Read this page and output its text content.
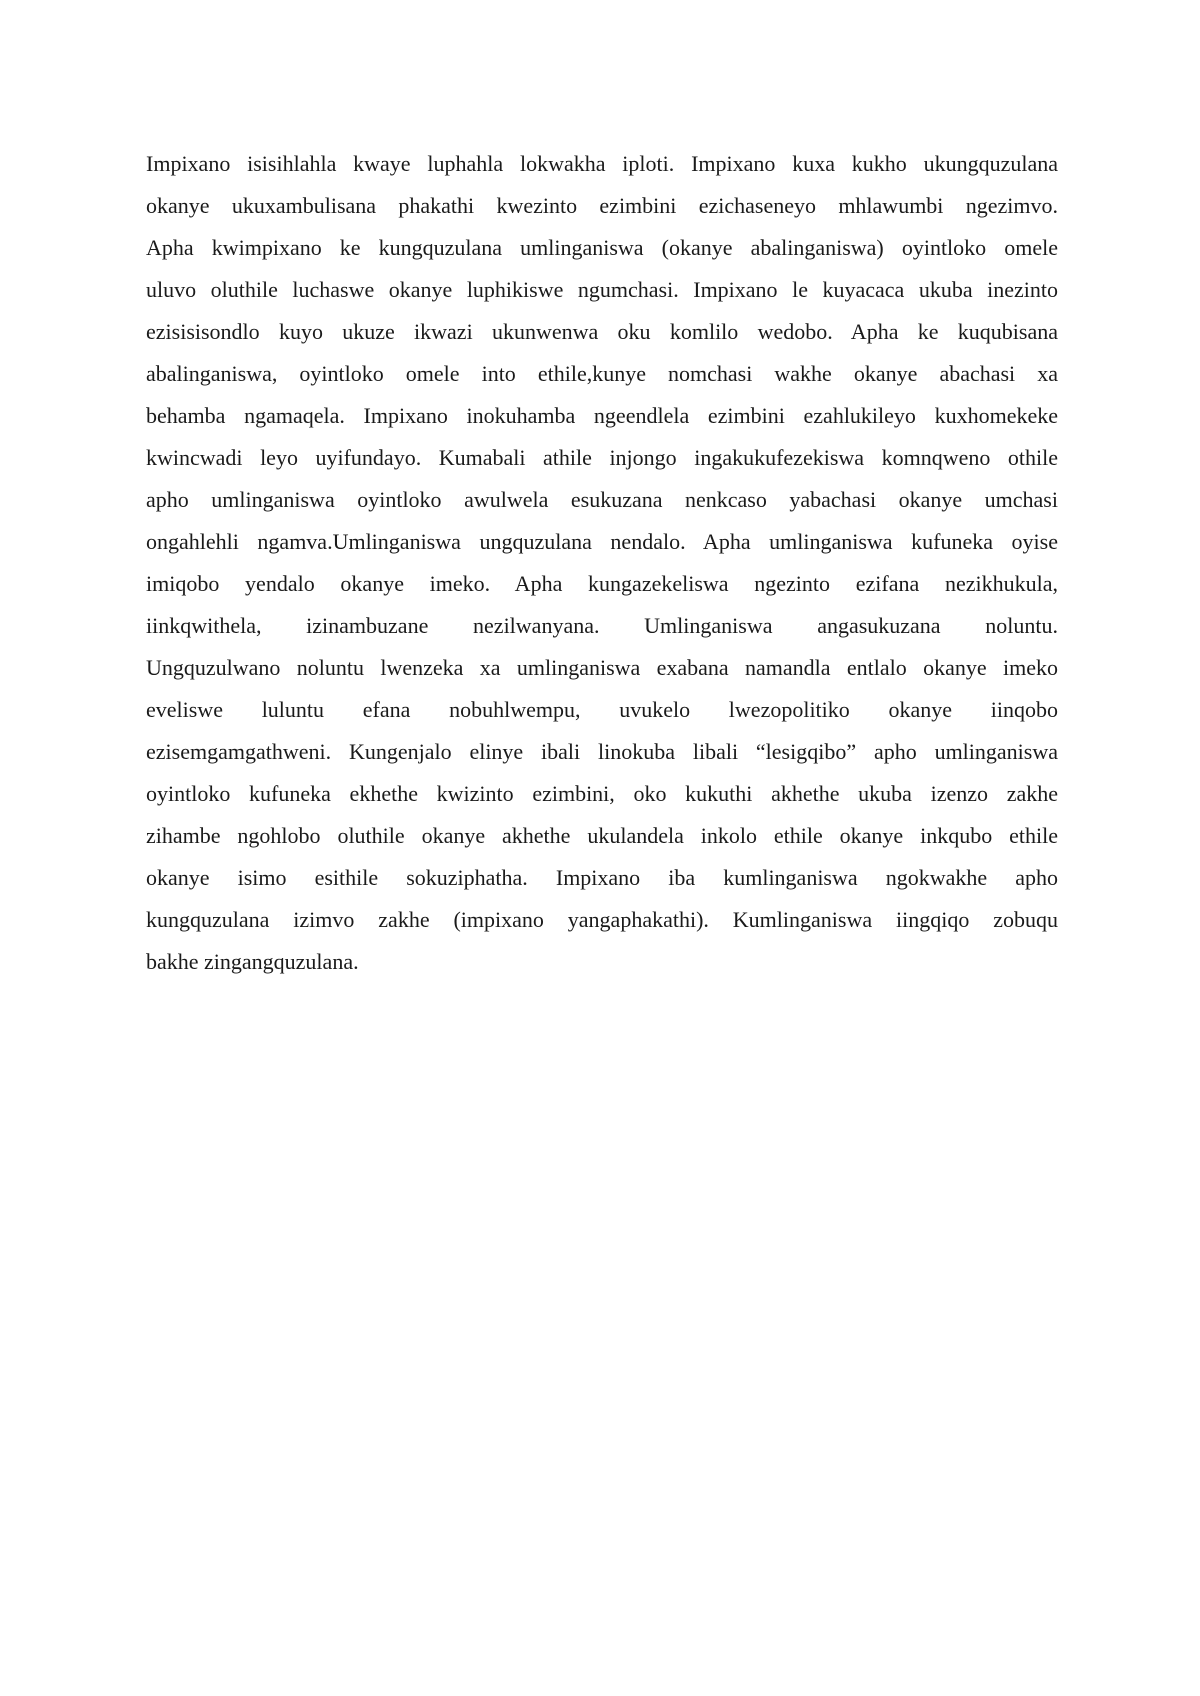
Impixano isisihlahla kwaye luphahla lokwakha iploti. Impixano kuxa kukho ukungquzulana
okanye ukuxambulisana phakathi kwezinto ezimbini ezichaseneyo mhlawumbi ngezimvo.
Apha kwimpixano ke kungquzulana umlinganiswa (okanye abalinganiswa) oyintloko omele
uluvo oluthile luchaswe okanye luphikiswe ngumchasi. Impixano le kuyacaca ukuba inezinto
ezisisisondlo kuyo ukuze ikwazi ukunwenwa oku komlilo wedobo. Apha ke kuqubisana
abalinganiswa, oyintloko omele into ethile,kunye nomchasi wakhe okanye abachasi xa
behamba ngamaqela. Impixano inokuhamba ngeendlela ezimbini ezahlukileyo kuxhomekeke
kwincwadi leyo uyifundayo. Kumabali athile injongo ingakukufezekiswa komnqweno othile
apho umlinganiswa oyintloko awulwela esukuzana nenkcaso yabachasi okanye umchasi
ongahlehli ngamva.Umlinganiswa ungquzulana nendalo. Apha umlinganiswa kufuneka oyise
imiqobo yendalo okanye imeko. Apha kungazekeliswa ngezinto ezifana nezikhukula,
iinkqwithela, izinambuzane nezilwanyana. Umlinganiswa angasukuzana noluntu.
Ungquzulwano noluntu lwenzeka xa umlinganiswa exabana namandla entlalo okanye imeko
eveliswe luluntu efana nobuhlwempu, uvukelo lwezopolitiko okanye iinqobo
ezisemgamgathweni. Kungenjalo elinye ibali linokuba libali “lesigqibo” apho umlinganiswa
oyintloko kufuneka ekhethe kwizinto ezimbini, oko kukuthi akhethe ukuba izenzo zakhe
zihambe ngohlobo oluthile okanye akhethe ukulandela inkolo ethile okanye inkqubo ethile
okanye isimo esithile sokuziphatha. Impixano iba kumlinganiswa ngokwakhe apho
kungquzulana izimvo zakhe (impixano yangaphakathi). Kumlinganiswa iingqiqo zobuqu
bakhe zingangquzulana.
